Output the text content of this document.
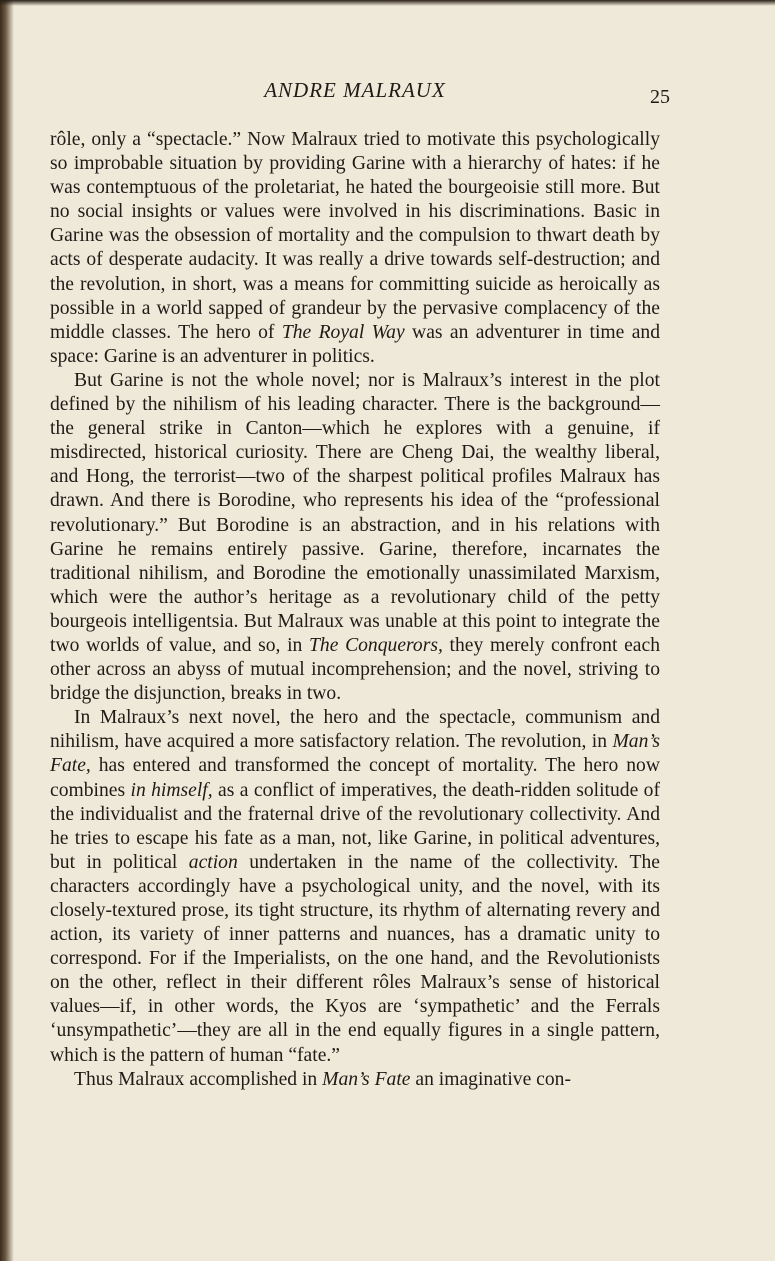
ANDRE MALRAUX	25

rôle, only a “spectacle.” Now Malraux tried to motivate this psychologically so improbable situation by providing Garine with a hierarchy of hates: if he was contemptuous of the proletariat, he hated the bourgeoisie still more. But no social insights or values were involved in his discriminations. Basic in Garine was the obsession of mortality and the compulsion to thwart death by acts of desperate audacity. It was really a drive towards self-destruction; and the revolution, in short, was a means for committing suicide as heroically as possible in a world sapped of grandeur by the pervasive complacency of the middle classes. The hero of The Royal Way was an adventurer in time and space: Garine is an adventurer in politics.

But Garine is not the whole novel; nor is Malraux’s interest in the plot defined by the nihilism of his leading character. There is the background—the general strike in Canton—which he explores with a genuine, if misdirected, historical curiosity. There are Cheng Dai, the wealthy liberal, and Hong, the terrorist—two of the sharpest political profiles Malraux has drawn. And there is Borodine, who represents his idea of the “professional revolutionary.” But Borodine is an abstraction, and in his relations with Garine he remains entirely passive. Garine, therefore, incarnates the traditional nihilism, and Borodine the emotionally unassimilated Marxism, which were the author’s heritage as a revolutionary child of the petty bourgeois intelligentsia. But Malraux was unable at this point to integrate the two worlds of value, and so, in The Conquerors, they merely confront each other across an abyss of mutual incomprehension; and the novel, striving to bridge the disjunction, breaks in two.

In Malraux’s next novel, the hero and the spectacle, communism and nihilism, have acquired a more satisfactory relation. The revolution, in Man’s Fate, has entered and transformed the concept of mortality. The hero now combines in himself, as a conflict of imperatives, the death-ridden solitude of the individualist and the fraternal drive of the revolutionary collectivity. And he tries to escape his fate as a man, not, like Garine, in political adventures, but in political action undertaken in the name of the collectivity. The characters accordingly have a psychological unity, and the novel, with its closely-textured prose, its tight structure, its rhythm of alternating revery and action, its variety of inner patterns and nuances, has a dramatic unity to correspond. For if the Imperialists, on the one hand, and the Revolutionists on the other, reflect in their different rôles Malraux’s sense of historical values—if, in other words, the Kyos are ‘sympathetic’ and the Ferrals ‘unsympathetic’—they are all in the end equally figures in a single pattern, which is the pattern of human “fate.”

Thus Malraux accomplished in Man’s Fate an imaginative con-
